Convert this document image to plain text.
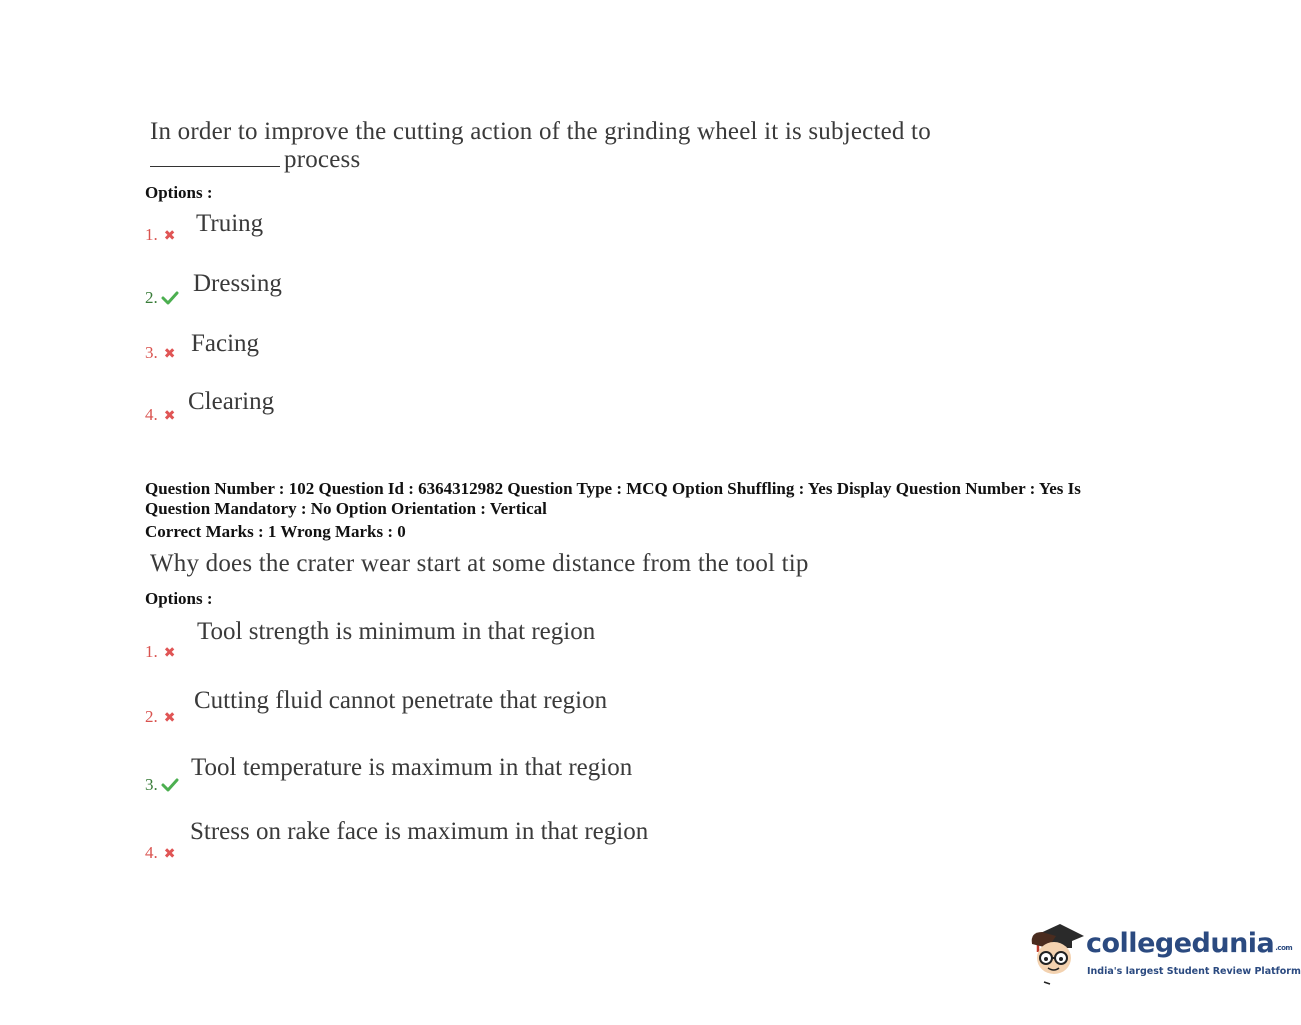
In order to improve the cutting action of the grinding wheel it is subjected to
process
Options :
1. ✖ Truing
2.
Dressing
3. ✖ Facing
4. ✖
Clearing
Question Number : 102 Question Id : 6364312982 Question Type : MCQ Option Shuffling : Yes Display Question Number : Yes Is
Question Mandatory : No Option Orientation : Vertical
Correct Marks : 1 Wrong Marks : 0
Why does the crater wear start at some distance from the tool tip
Options :
1. ✖
Tool strength is minimum in that region
2. ✖
Cutting fluid cannot penetrate that region
3.
Tool temperature is maximum in that region
4. ✖
Stress on rake face is maximum in that region
collegedunia.com
India's largest Student Review Platform
